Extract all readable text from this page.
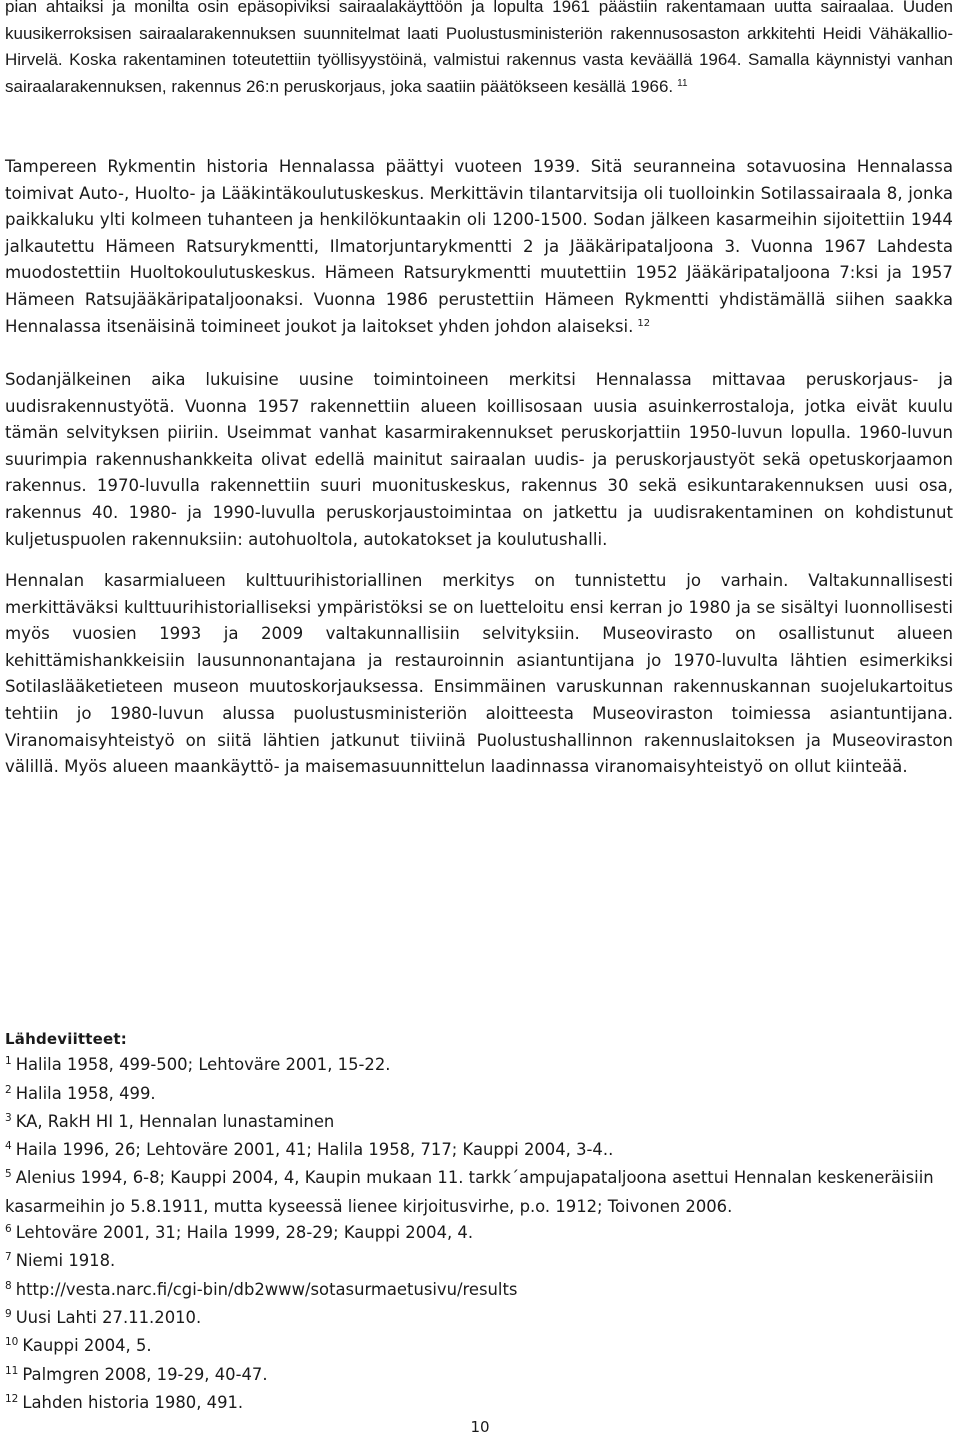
pian ahtaiksi ja monilta osin epäsopiviksi sairaalakäyttöön ja lopulta 1961 päästiin rakentamaan uutta sairaalaa. Uuden kuusikerroksisen sairaalarakennuksen suunnitelmat laati Puolustusministeriön rakennusosaston arkkitehti Heidi Vähäkallio-Hirvelä. Koska rakentaminen toteutettiin työllisyystöinä, valmistui rakennus vasta keväällä 1964. Samalla käynnistyi vanhan sairaalarakennuksen, rakennus 26:n peruskorjaus, joka saatiin päätökseen kesällä 1966. $^{11}$

Tampereen Rykmentin historia Hennalassa päättyi vuoteen 1939. Sitä seuranneina sotavuosina Hennalassa toimivat Auto-, Huolto- ja Lääkintäkoulutuskeskus. Merkittävin tilantarvitsija oli tuolloinkin Sotilassairaala 8, jonka paikkaluku ylti kolmeen tuhanteen ja henkilökuntaakin oli 1200-1500. Sodan jälkeen kasarmeihin sijoitettiin 1944 jalkautettu Hämeen Ratsurykmentti, Ilmatorjuntarykmentti 2 ja Jääkäripataljoona 3. Vuonna 1967 Lahdesta muodostettiin Huoltokoulutuskeskus. Hämeen Ratsurykmentti muutettiin 1952 Jääkäripataljoona 7:ksi ja 1957 Hämeen Ratsujääkäripataljoonaksi. Vuonna 1986 perustettiin Hämeen Rykmentti yhdistämällä siihen saakka Hennalassa itsenäisinä toimineet joukot ja laitokset yhden johdon alaiseksi. $^{12}$

Sodanjälkeinen aika lukuisine uusine toimintoineen merkitsi Hennalassa mittavaa peruskorjaus- ja uudisrakennustyötä. Vuonna 1957 rakennettiin alueen koillisosaan uusia asuinkerrostaloja, jotka eivät kuulu tämän selvityksen piiriin. Useimmat vanhat kasarmirakennukset peruskorjattiin 1950-luvun lopulla. 1960-luvun suurimpia rakennushankkeita olivat edellä mainitut sairaalan uudis- ja peruskorjaustyöt sekä opetuskorjaamon rakennus. 1970-luvulla rakennettiin suuri muonituskeskus, rakennus 30 sekä esikuntarakennuksen uusi osa, rakennus 40. 1980- ja 1990-luvulla peruskorjaustoimintaa on jatkettu ja uudisrakentaminen on kohdistunut kuljetuspuolen rakennuksiin: autohuoltola, autokatokset ja koulutushalli.

Hennalan kasarmialueen kulttuurihistoriallinen merkitys on tunnistettu jo varhain. Valtakunnallisesti merkittäväksi kulttuurihistorialliseksi ympäristöksi se on luetteloitu ensi kerran jo 1980 ja se sisältyi luonnollisesti myös vuosien 1993 ja 2009 valtakunnallisiin selvityksiin. Museovirasto on osallistunut alueen kehittämishankkeisiin lausunnonantajana ja restauroinnin asiantuntijana jo 1970-luvulta lähtien esimerkiksi Sotilaslääketieteen museon muutoskorjauksessa. Ensimmäinen varuskunnan rakennuskannan suojelukartoitus tehtiin jo 1980-luvun alussa puolustusministeriön aloitteesta Museoviraston toimiessa asiantuntijana. Viranomaisyhteistyö on siitä lähtien jatkunut tiiviinä Puolustushallinnon rakennuslaitoksen ja Museoviraston välillä. Myös alueen maankäyttö- ja maisemasuunnittelun laadinnassa viranomaisyhteistyö on ollut kiinteää.

Lähdeviitteet:

$^1$ Halila 1958, 499-500; Lehtoväre 2001, 15-22.

$^2$ Halila 1958, 499.

$^3$ KA, RakH HI 1, Hennalan lunastaminen

$^4$ Haila 1996, 26; Lehtoväre 2001, 41; Halila 1958, 717; Kauppi 2004, 3-4..

$^5$ Alenius 1994, 6-8; Kauppi 2004, 4, Kaupin mukaan 11. tarkk´ampujapataljoona asettui Hennalan keskeneräisiin kasarmeihin jo 5.8.1911, mutta kyseessä lienee kirjoitusvirhe, p.o. 1912; Toivonen 2006.

$^6$ Lehtoväre 2001, 31; Haila 1999, 28-29; Kauppi 2004, 4.

$^7$ Niemi 1918.

$^8$ http://vesta.narc.fi/cgi-bin/db2www/sotasurmaetusivu/results

$^9$ Uusi Lahti 27.11.2010.

$^{10}$ Kauppi 2004, 5.

$^{11}$ Palmgren 2008, 19-29, 40-47.

$^{12}$ Lahden historia 1980, 491.

10
